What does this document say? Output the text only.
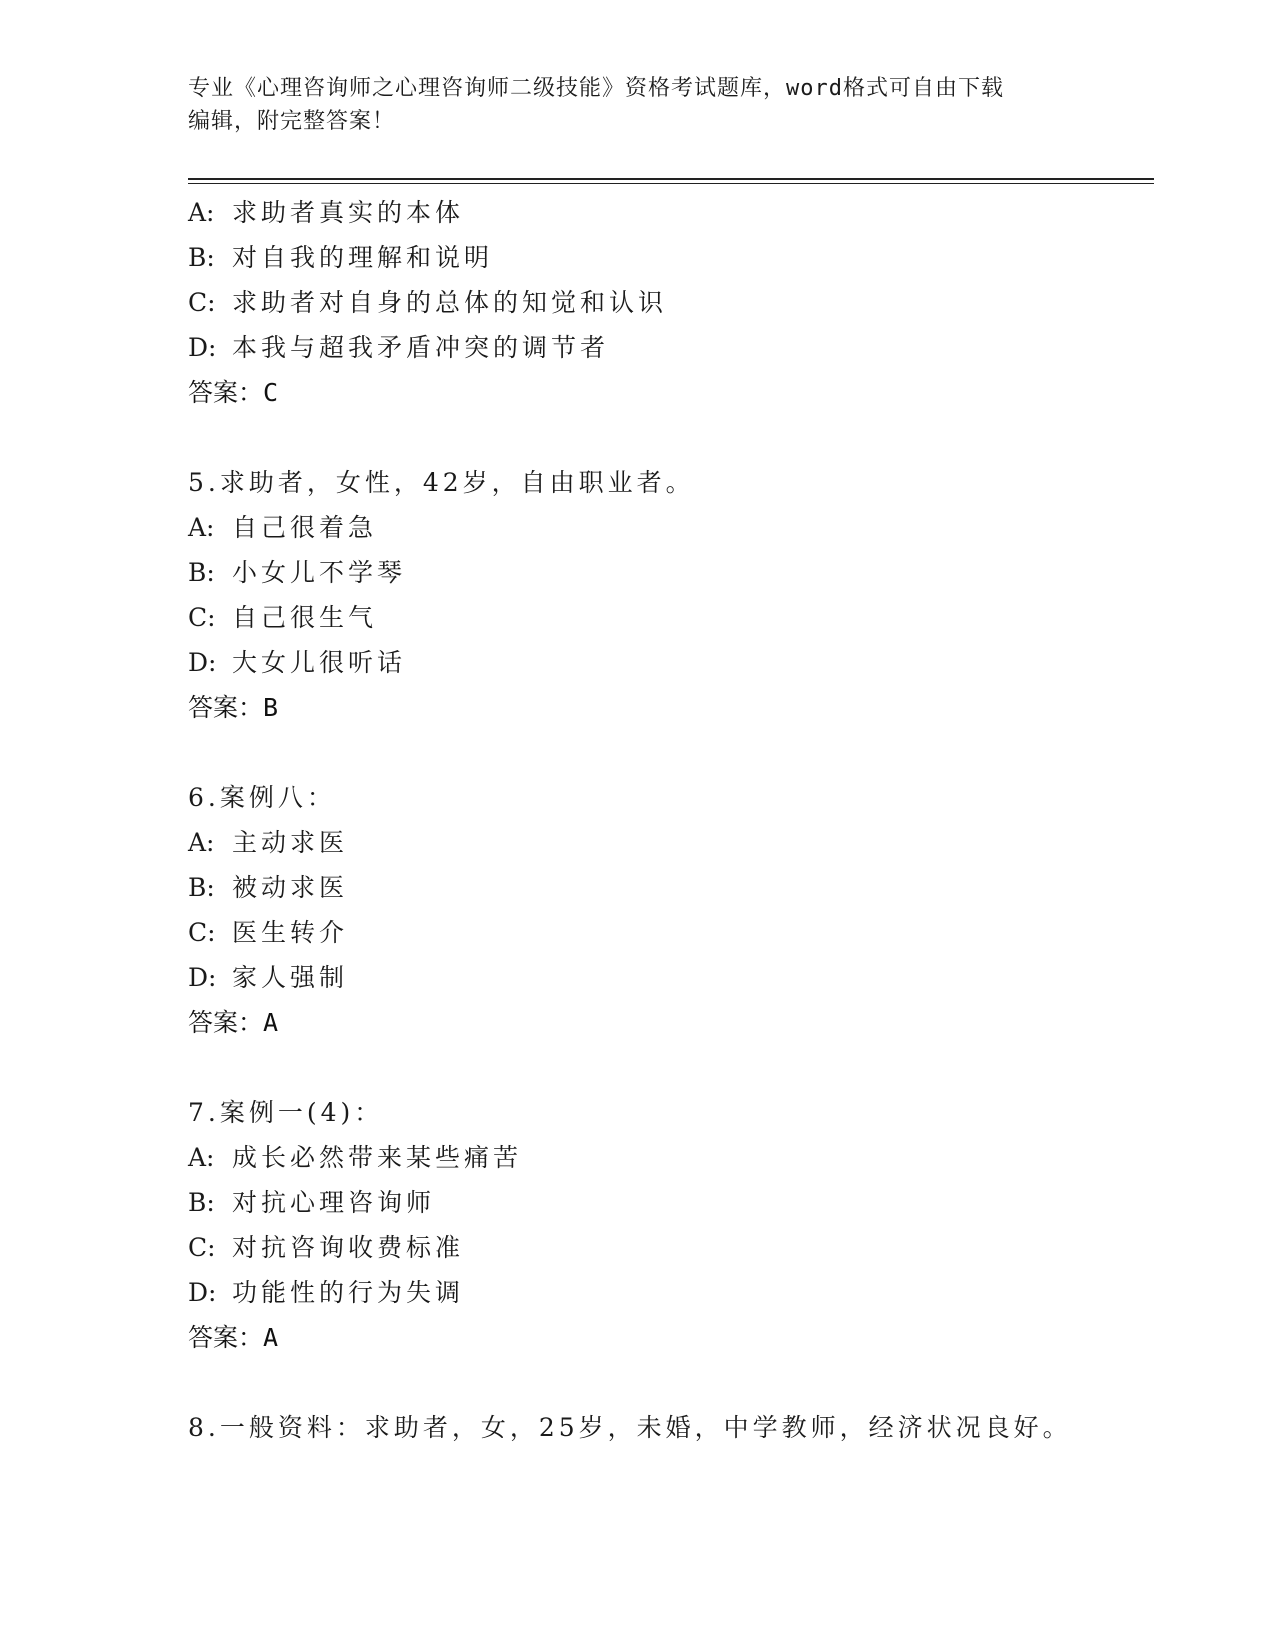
专业《心理咨询师之心理咨询师二级技能》资格考试题库，word格式可自由下载
编辑，附完整答案！
A: 求助者真实的本体
B: 对自我的理解和说明
C: 求助者对自身的总体的知觉和认识
D: 本我与超我矛盾冲突的调节者
答案：C
5.求助者，女性，42岁，自由职业者。
A: 自己很着急
B: 小女儿不学琴
C: 自己很生气
D: 大女儿很听话
答案：B
6.案例八：
A: 主动求医
B: 被动求医
C: 医生转介
D: 家人强制
答案：A
7.案例一(4)：
A: 成长必然带来某些痛苦
B: 对抗心理咨询师
C: 对抗咨询收费标准
D: 功能性的行为失调
答案：A
8.一般资料：求助者，女，25岁，未婚，中学教师，经济状况良好。
